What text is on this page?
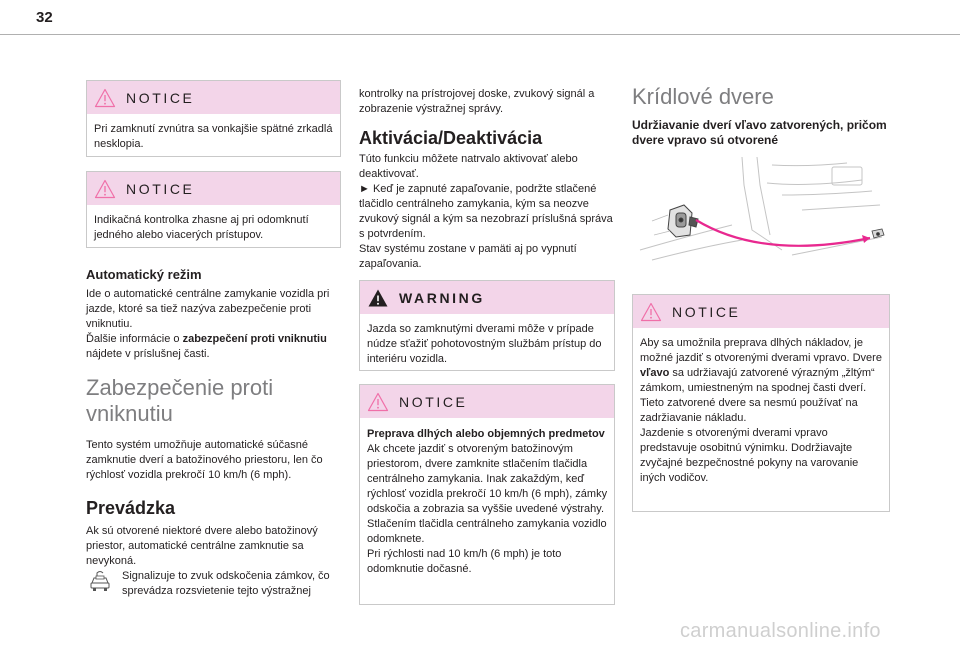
32
NOTICE
Pri zamknutí zvnútra sa vonkajšie spätné zrkadlá nesklopia.
NOTICE
Indikačná kontrolka zhasne aj pri odomknutí jedného alebo viacerých prístupov.
Automatický režim

Ide o automatické centrálne zamykanie vozidla pri jazde, ktoré sa tiež nazýva zabezpečenie proti vniknutiu.

Ďalšie informácie o zabezpečení proti vniknutiu nájdete v príslušnej časti.

Zabezpečenie proti vniknutiu

Tento systém umožňuje automatické súčasné zamknutie dverí a batožinového priestoru, len čo rýchlosť vozidla prekročí 10 km/h (6 mph).

Prevádzka

Ak sú otvorené niektoré dvere alebo batožinový priestor, automatické centrálne zamknutie sa nevykoná.

Signalizuje to zvuk odskočenia zámkov, čo sprevádza rozsvietenie tejto výstražnej

kontrolky na prístrojovej doske, zvukový signál a zobrazenie výstražnej správy.

Aktivácia/Deaktivácia

Túto funkciu môžete natrvalo aktivovať alebo deaktivovať.

► Keď je zapnuté zapaľovanie, podržte stlačené tlačidlo centrálneho zamykania, kým sa neozve zvukový signál a kým sa nezobrazí príslušná správa s potvrdením.

Stav systému zostane v pamäti aj po vypnutí zapaľovania.

WARNING
Jazda so zamknutými dverami môže v prípade núdze sťažiť pohotovostným službám prístup do interiéru vozidla.
NOTICE
Preprava dlhých alebo objemných predmetov

Ak chcete jazdiť s otvoreným batožinovým priestorom, dvere zamknite stlačením tlačidla centrálneho zamykania. Inak zakaždým, keď rýchlosť vozidla prekročí 10 km/h (6 mph), zámky odskočia a zobrazia sa vyššie uvedené výstrahy.

Stlačením tlačidla centrálneho zamykania vozidlo odomknete.

Pri rýchlosti nad 10 km/h (6 mph) je toto odomknutie dočasné.

Krídlové dvere
Udržiavanie dverí vľavo zatvorených, pričom dvere vpravo sú otvorené
NOTICE

Aby sa umožnila preprava dlhých nákladov, je možné jazdiť s otvorenými dverami vpravo. Dvere vľavo sa udržiavajú zatvorené výrazným „žltým“ zámkom, umiestneným na spodnej časti dverí.

Tieto zatvorené dvere sa nesmú používať na zadržiavanie nákladu.

Jazdenie s otvorenými dverami vpravo predstavuje osobitnú výnimku. Dodržiavajte zvyčajné bezpečnostné pokyny na varovanie iných vodičov.

carmanualsonline.info
